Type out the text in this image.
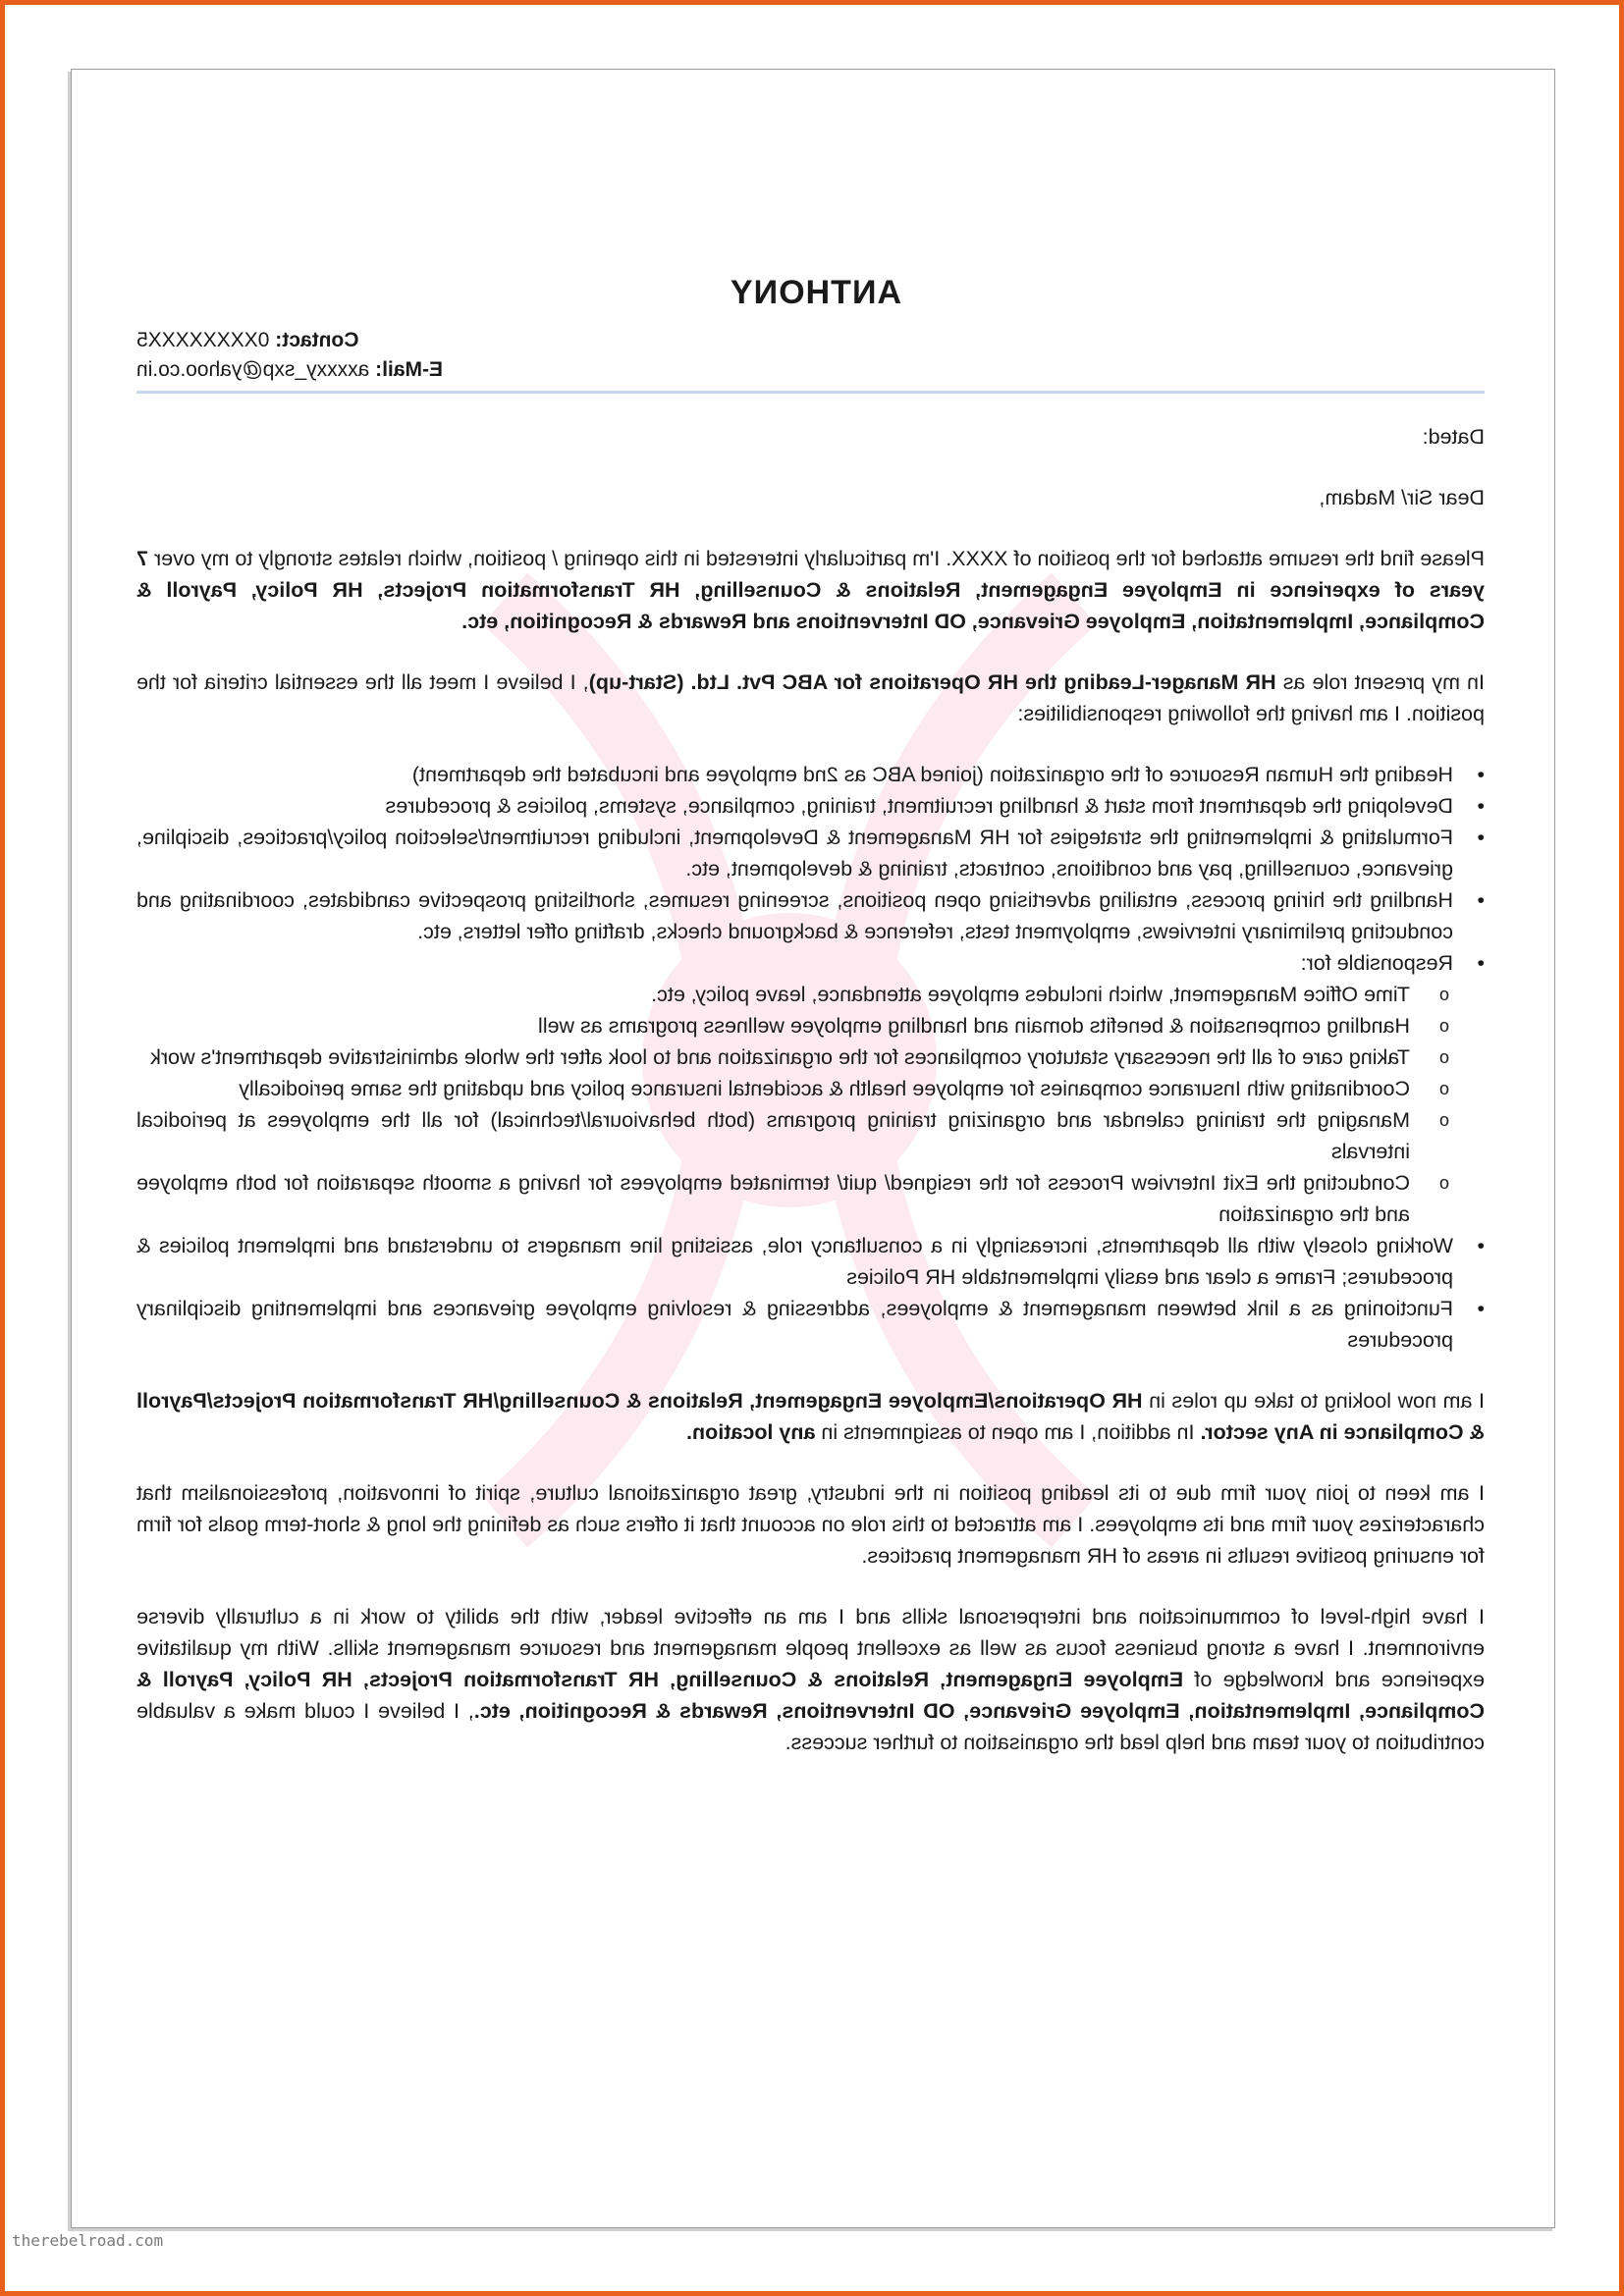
ANTHONY
Contact: 0XXXXXXXX5
E-Mail: axxxxy_sxp@yahoo.co.in

Dated:

Dear Sir/ Madam,

Please find the resume attached for the position of XXXX. I'm particularly interested in this opening / position, which relates strongly to my over 7 years of experience in Employee Engagement, Relations & Counselling, HR Transformation Projects, HR Policy, Payroll & Compliance, Implementation, Employee Grievance, OD Interventions and Rewards & Recognition, etc.

In my present role as HR Manager-Leading the HR Operations for ABC Pvt. Ltd. (Start-up), I believe I meet all the essential criteria for the position. I am having the following responsibilities:

• Heading the Human Resource of the organization (joined ABC as 2nd employee and incubated the department)
• Developing the department from start & handling recruitment, training, compliance, systems, policies & procedures
• Formulating & implementing the strategies for HR Management & Development, including recruitment/selection policy/practices, discipline, grievance, counselling, pay and conditions, contracts, training & development, etc.
• Handling the hiring process, entailing advertising open positions, screening resumes, shortlisting prospective candidates, coordinating and conducting preliminary interviews, employment tests, reference & background checks, drafting offer letters, etc.
• Responsible for:
o Time Office Management, which includes employee attendance, leave policy, etc.
o Handling compensation & benefits domain and handling employee wellness programs as well
o Taking care of all the necessary statutory compliances for the organization and to look after the whole administrative department's work
o Coordinating with Insurance companies for employee health & accidental insurance policy and updating the same periodically
o Managing the training calendar and organizing training programs (both behavioural/technical) for all the employees at periodical intervals
o Conducting the Exit Interview Process for the resigned/ quit/ terminated employees for having a smooth separation for both employee and the organization
• Working closely with all departments, increasingly in a consultancy role, assisting line managers to understand and implement policies & procedures; Frame a clear and easily implementable HR Policies
• Functioning as a link between management & employees, addressing & resolving employee grievances and implementing disciplinary procedures

I am now looking to take up roles in HR Operations/Employee Engagement, Relations & Counselling/HR Transformation Projects/Payroll & Compliance in Any sector. In addition, I am open to assignments in any location.

I am keen to join your firm due to its leading position in the industry, great organizational culture, spirit of innovation, professionalism that characterizes your firm and its employees. I am attracted to this role on account that it offers such as defining the long & short-term goals for firm for ensuring positive results in areas of HR management practices.

I have high-level of communication and interpersonal skills and I am an effective leader, with the ability to work in a culturally diverse environment. I have a strong business focus as well as excellent people management and resource management skills. With my qualitative experience and knowledge of Employee Engagement, Relations & Counselling, HR Transformation Projects, HR Policy, Payroll & Compliance, Implementation, Employee Grievance, OD Interventions, Rewards & Recognition, etc., I believe I could make a valuable contribution to your team and help lead the organisation to further success.

therebelroad.com
